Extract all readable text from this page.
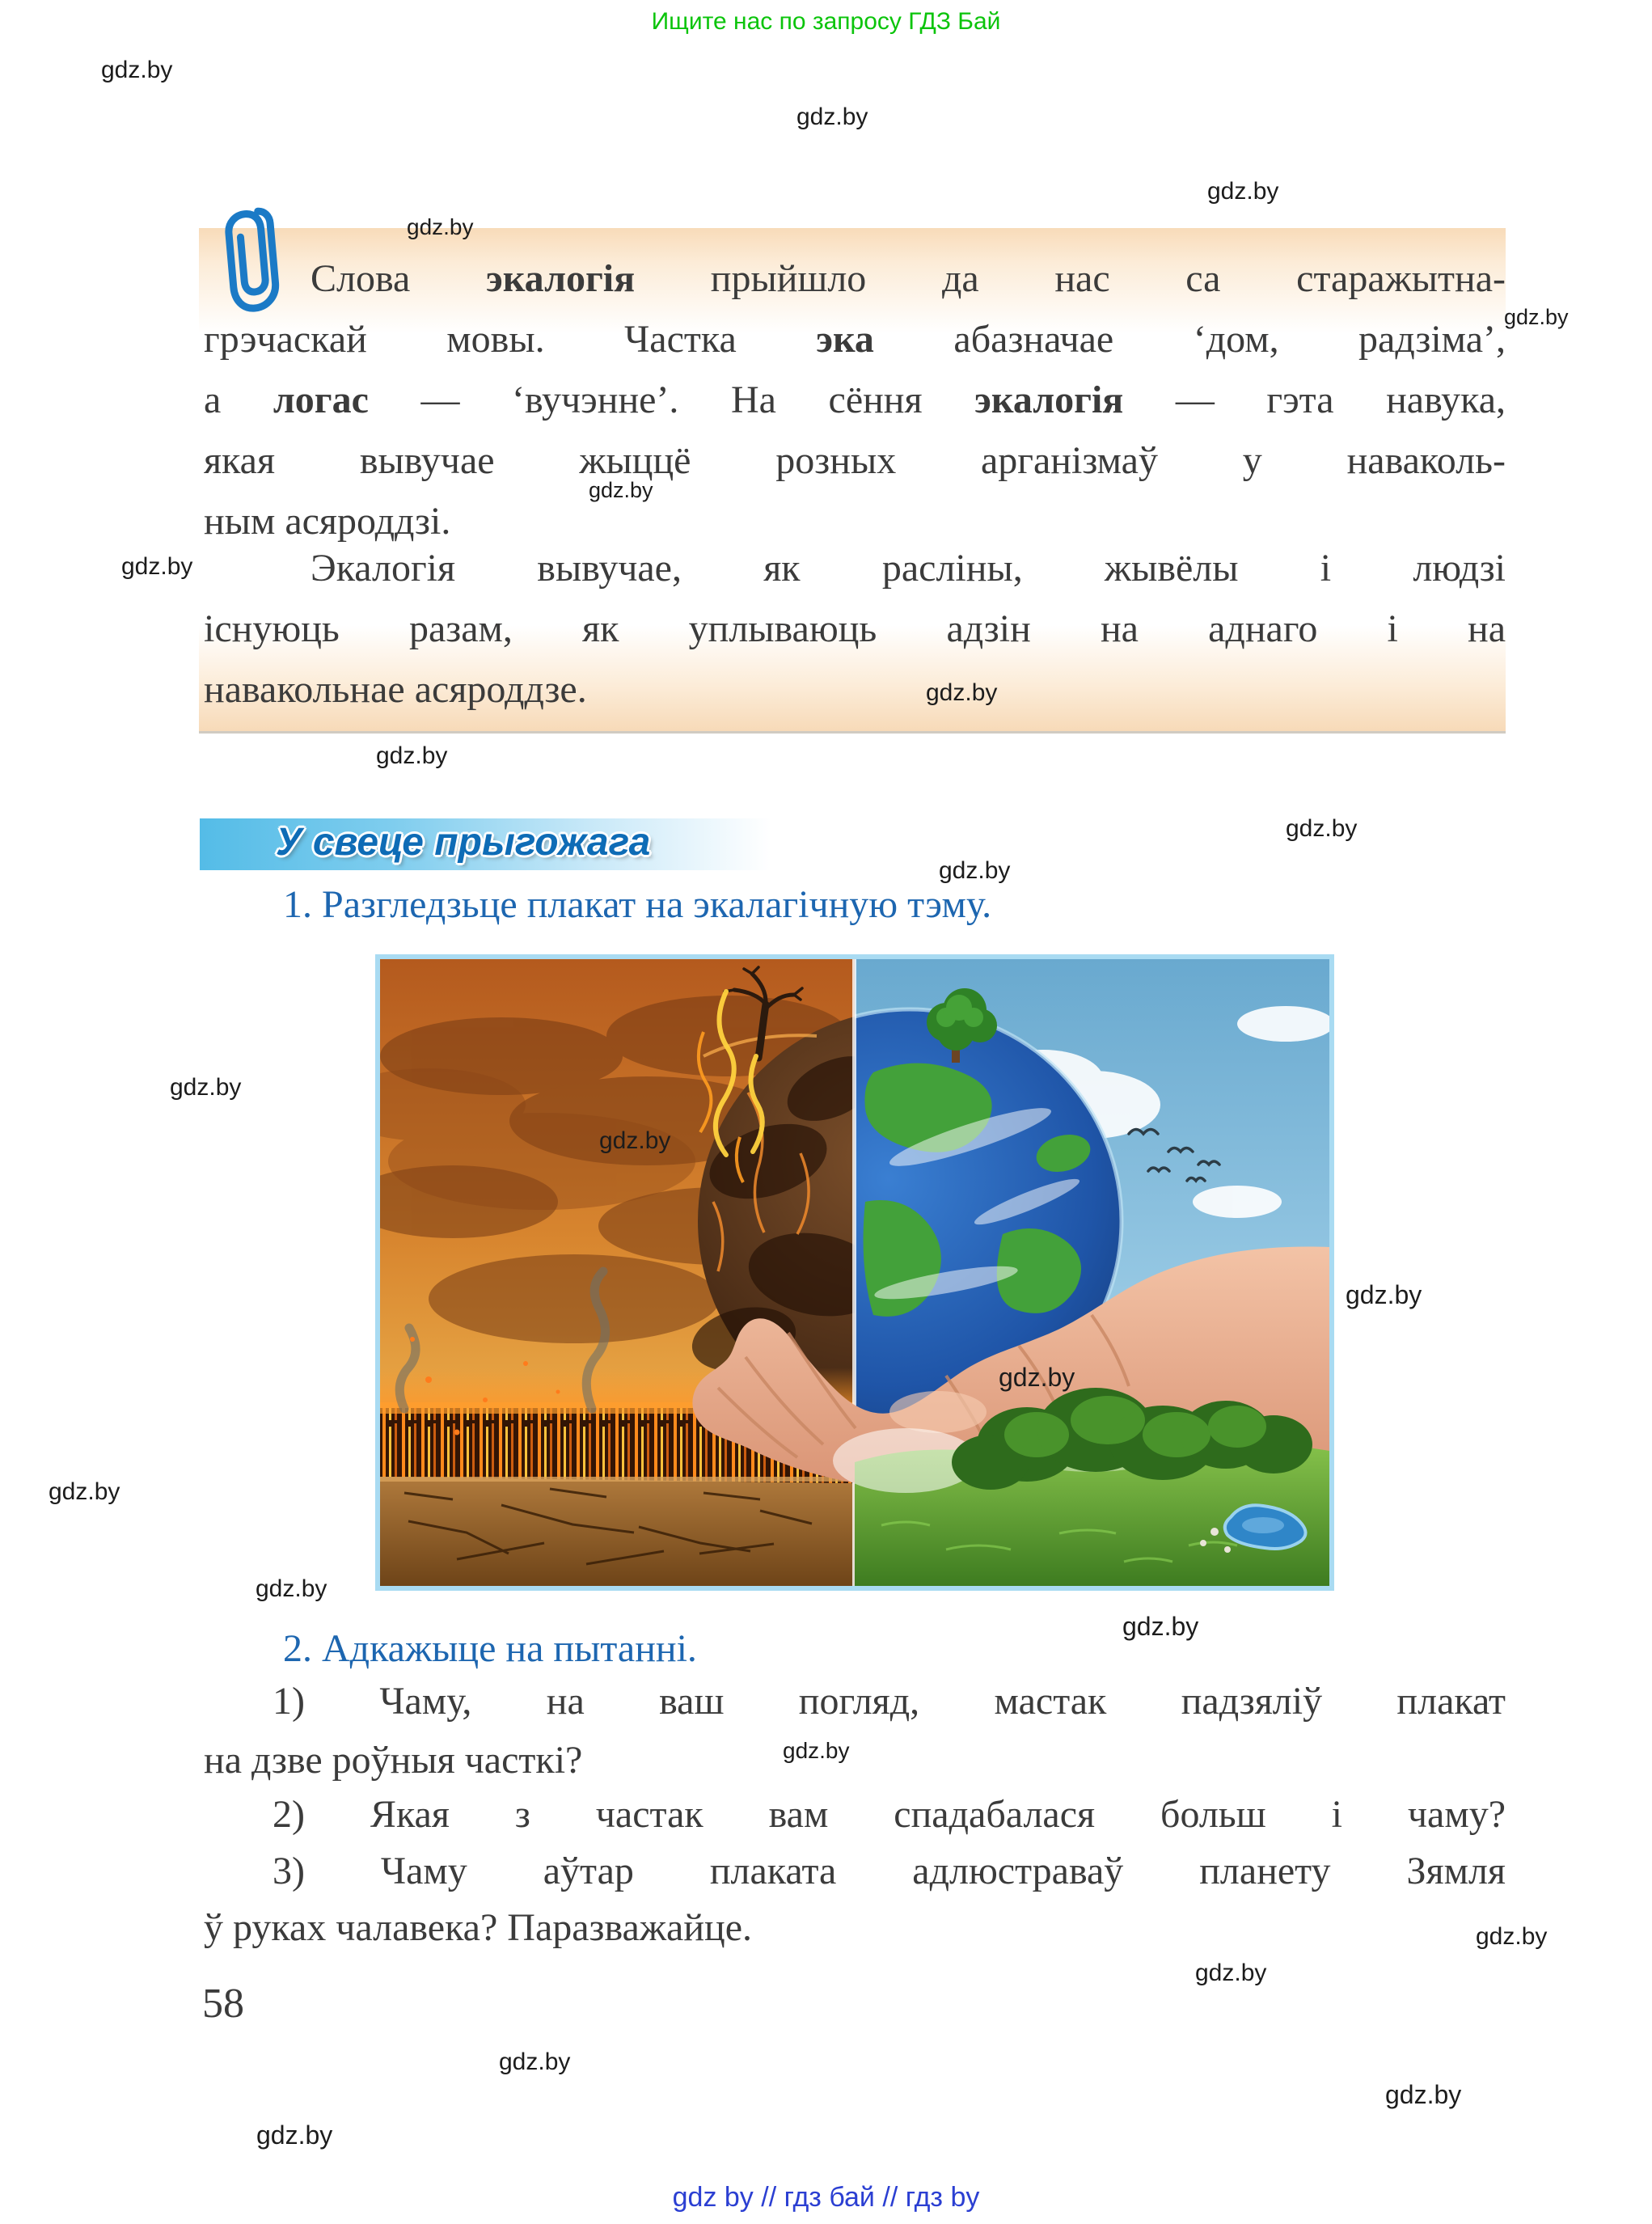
Ищите нас по запросу ГДЗ Бай
Слова экалогія прыйшло да нас са старажытна-
грэчаскай мовы. Частка эка абазначае ‘дом, радзіма’,
а логас — ‘вучэнне’. На сёння экалогія — гэта навука,
якая вывучае жыццё розных арганізмаў у наваколь-
ным асяроддзі.
Экалогія вывучае, як расліны, жывёлы і людзі
існуюць разам, як уплываюць адзін на аднаго і на
навакольнае асяроддзе.
У свеце прыгожага
1. Разгледзьце плакат на экалагічную тэму.
2. Адкажыце на пытанні.
1) Чаму, на ваш погляд, мастак падзяліў плакат
на дзве роўныя часткі?
2) Якая з частак вам спадабалася больш і чаму?
3) Чаму аўтар плаката адлюстраваў планету Зямля
ў руках чалавека? Паразважайце.
58
gdz by // гдз бай // гдз by
gdz.by
gdz.by
gdz.by
gdz.by
gdz.by
gdz.by
gdz.by
gdz.by
gdz.by
gdz.by
gdz.by
gdz.by
gdz.by
gdz.by
gdz.by
gdz.by
gdz.by
gdz.by
gdz.by
gdz.by
gdz.by
gdz.by
gdz.by
gdz.by
